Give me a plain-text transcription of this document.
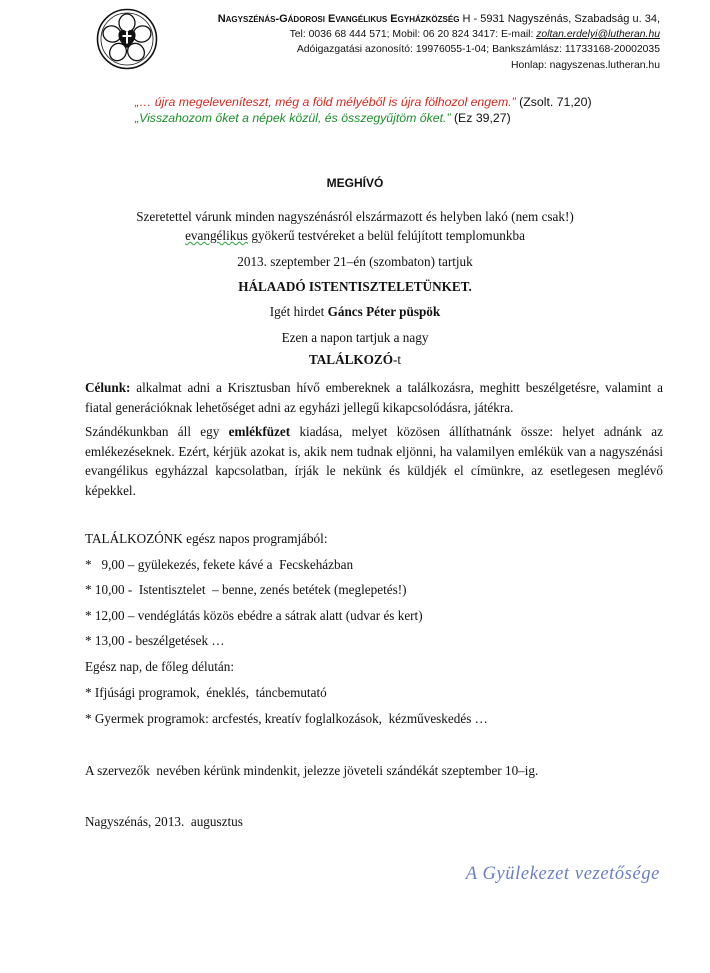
Nagyszénás-Gádorosi Evangélikus Egyházközség H - 5931 Nagyszénás, Szabadság u. 34,
Tel: 0036 68 444 571; Mobil: 06 20 824 3417: E-mail: zoltan.erdelyi@lutheran.hu
Adóigazgatási azonosító: 19976055-1-04; Bankszámlász: 11733168-20002035
Honlap: nagyszenas.lutheran.hu
„… újra megeleveníteszt, még a föld mélyéből is újra fölhozol engem.” (Zsolt. 71,20)
„Visszahozom őket a népek közül, és összegyűjtöm őket.” (Ez 39,27)
MEGHÍVÓ
Szeretettel várunk minden nagyszénásról elszármazott és helyben lakó (nem csak!)
evangélikus gyökerű testvéreket a belül felújított templomunkba
2013. szeptember 21–én (szombaton) tartjuk
HÁLAADÓ ISTENTISZTELETÜNKET.
Igét hirdet Gáncs Péter püspök
Ezen a napon tartjuk a nagy
TALÁLKOZÓ-t
Célunk: alkalmat adni a Krisztusban hívő embereknek a találkozásra, meghitt beszélgetésre, valamint a fiatal generációknak lehetőséget adni az egyházi jellegű kikapcsolódásra, játékra.
Szándékunkban áll egy emlékfüzet kiadása, melyet közösen állíthatnánk össze: helyet adnánk az emlékezéseknek. Ezért, kérjük azokat is, akik nem tudnak eljönni, ha valamilyen emlékük van a nagyszénási evangélikus egyházzal kapcsolatban, írják le nekünk és küldjék el címünkre, az esetlegesen meglévő képekkel.
TALÁLKOZÓNK egész napos programjából:
*   9,00 – gyülekezés, fekete kávé a  Fecskeházban
* 10,00 -  Istentisztelet  – benne, zenés betétek (meglepetés!)
* 12,00 – vendéglátás közös ebédre a sátrak alatt (udvar és kert)
* 13,00 - beszélgetések …
Egész nap, de főleg délután:
* Ifjúsági programok,  éneklés,  táncbemutató
* Gyermek programok: arcfestés, kreatív foglalkozások,  kézműveskedés …
A szervezők  nevében kérünk mindenkit, jelezze jöveteli szándékát szeptember 10–ig.
Nagyszénás, 2013.  augusztus
A Gyülekezet vezetősége
